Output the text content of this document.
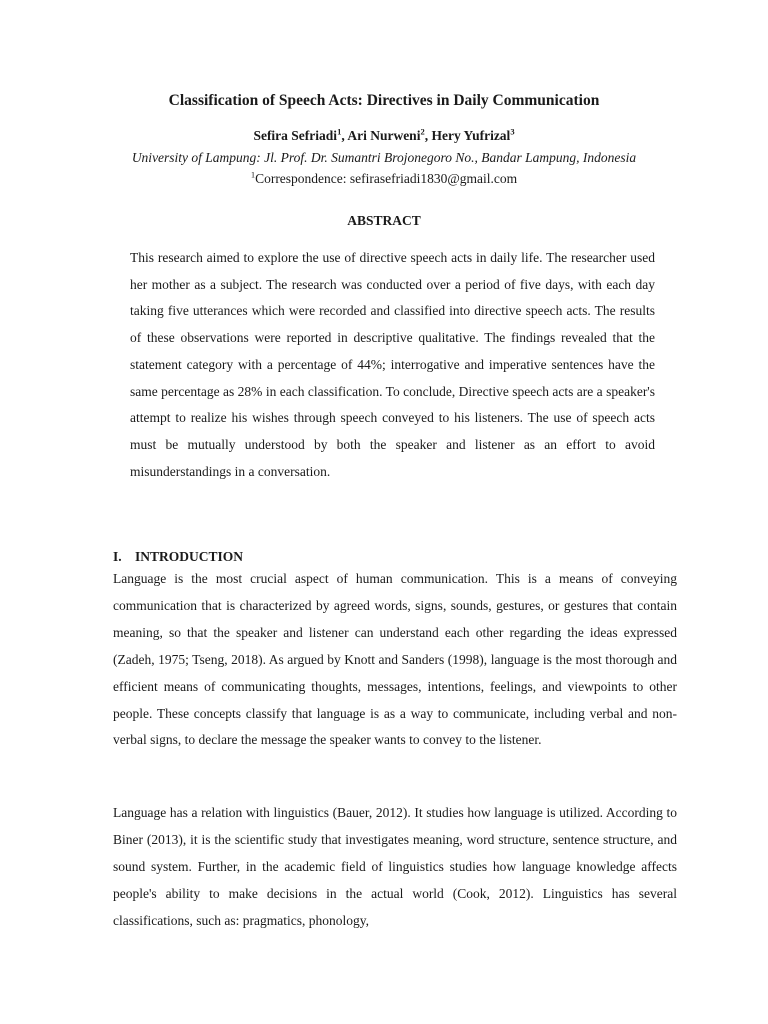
Classification of Speech Acts: Directives in Daily Communication
Sefira Sefriadi$^1$, Ari Nurweni$^2$, Hery Yufrizal$^3$
University of Lampung: Jl. Prof. Dr. Sumantri Brojonegoro No., Bandar Lampung, Indonesia
$^1$Correspondence: sefirasefriadi1830@gmail.com
ABSTRACT

This research aimed to explore the use of directive speech acts in daily life. The researcher used her mother as a subject. The research was conducted over a period of five days, with each day taking five utterances which were recorded and classified into directive speech acts. The results of these observations were reported in descriptive qualitative. The findings revealed that the statement category with a percentage of 44%; interrogative and imperative sentences have the same percentage as 28% in each classification. To conclude, Directive speech acts are a speaker's attempt to realize his wishes through speech conveyed to his listeners. The use of speech acts must be mutually understood by both the speaker and listener as an effort to avoid misunderstandings in a conversation.

I. INTRODUCTION

Language is the most crucial aspect of human communication. This is a means of conveying communication that is characterized by agreed words, signs, sounds, gestures, or gestures that contain meaning, so that the speaker and listener can understand each other regarding the ideas expressed (Zadeh, 1975; Tseng, 2018). As argued by Knott and Sanders (1998), language is the most thorough and efficient means of communicating thoughts, messages, intentions, feelings, and viewpoints to other people. These concepts classify that language is as a way to communicate, including verbal and non-verbal signs, to declare the message the speaker wants to convey to the listener.

Language has a relation with linguistics (Bauer, 2012). It studies how language is utilized. According to Biner (2013), it is the scientific study that investigates meaning, word structure, sentence structure, and sound system. Further, in the academic field of linguistics studies how language knowledge affects people's ability to make decisions in the actual world (Cook, 2012). Linguistics has several classifications, such as: pragmatics, phonology,
